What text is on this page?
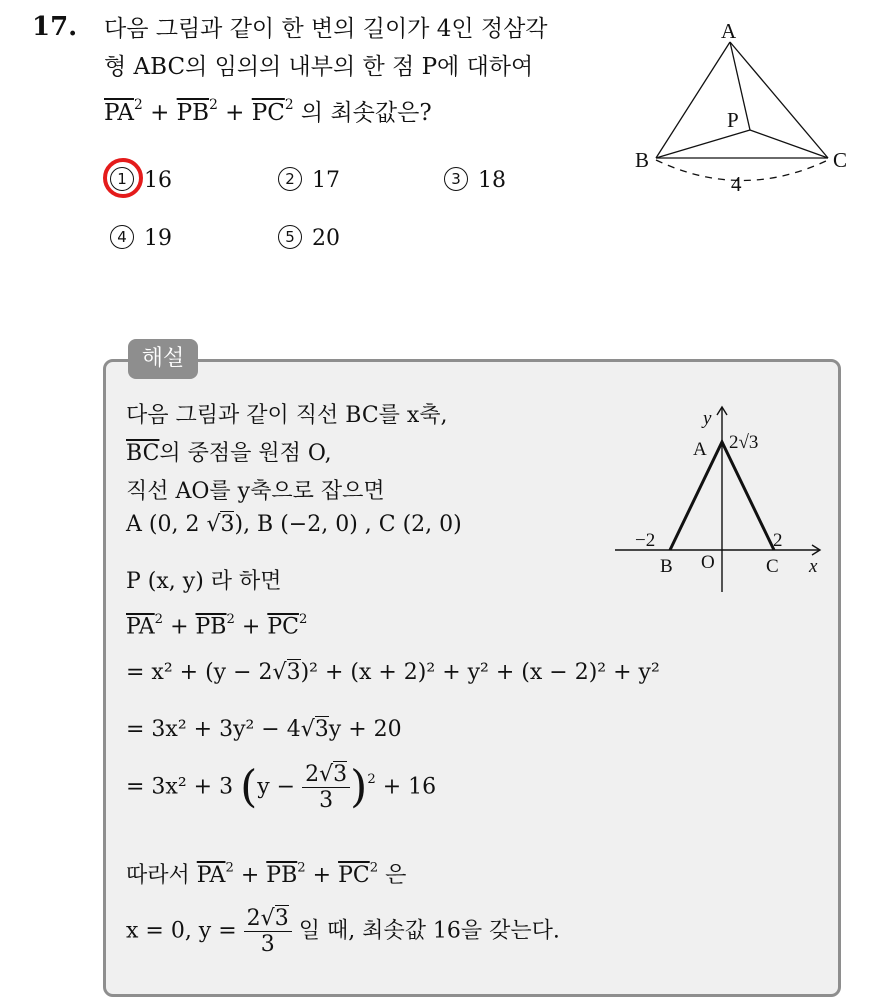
17. 다음 그림과 같이 한 변의 길이가 4인 정삼각
형 ABC의 임의의 내부의 한 점 P에 대하여
$\overline{PA}^2 + \overline{PB}^2 + \overline{PC}^2$ 의 최솟값은?
1 16	2 17	3 18
4 19	5 20
A
B	C
P
4
해설
다음 그림과 같이 직선 BC를 x축,
$\overline{BC}$의 중점을 원점 O,
직선 AO를 y축으로 잡으면
A (0, 2 √3), B (−2, 0) , C (2, 0)
P (x, y) 라 하면
$\overline{PA}^2 + \overline{PB}^2 + \overline{PC}^2$
= x² + (y − 2√3)² + (x + 2)² + y² + (x − 2)² + y²
= 3x² + 3y² − 4√3y + 20
= 3x² + 3 $(y - \frac{2√3}{3} )^2 + 16$
따라서 $\overline{PA}^2 + \overline{PB}^2 + \overline{PC}^2$ 은
x = 0, $y = \frac{2√3}{3}$ 일 때, 최솟값 16을 갖는다.
y
x
A 2√3
−2	2
B O	C
